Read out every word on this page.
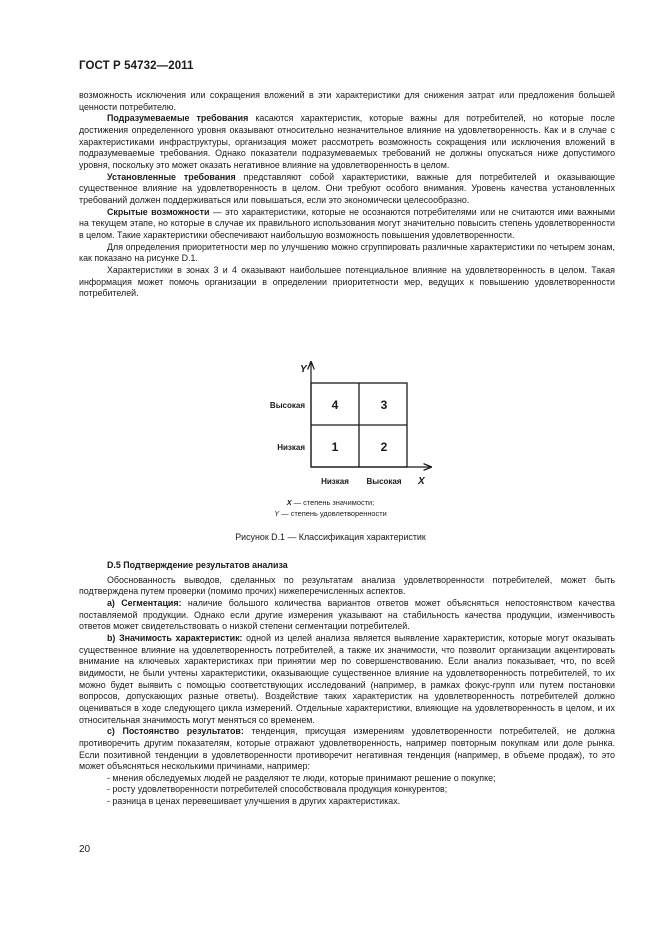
ГОСТ Р 54732—2011

возможность исключения или сокращения вложений в эти характеристики для снижения затрат или предложения большей ценности потребителю.

Подразумеваемые требования касаются характеристик, которые важны для потребителей, но которые после достижения определенного уровня оказывают относительно незначительное влияние на удовлетворенность. Как и в случае с характеристиками инфраструктуры, организация может рассмотреть возможность сокращения или исключения вложений в подразумеваемые требования. Однако показатели подразумеваемых требований не должны опускаться ниже допустимого уровня, поскольку это может оказать негативное влияние на удовлетворенность в целом.

Установленные требования представляют собой характеристики, важные для потребителей и оказывающие существенное влияние на удовлетворенность в целом. Они требуют особого внимания. Уровень качества установленных требований должен поддерживаться или повышаться, если это экономически целесообразно.

Скрытые возможности — это характеристики, которые не осознаются потребителями или не считаются ими важными на текущем этапе, но которые в случае их правильного использования могут значительно повысить степень удовлетворенности в целом. Такие характеристики обеспечивают наибольшую возможность повышения удовлетворенности.

Для определения приоритетности мер по улучшению можно сгруппировать различные характеристики по четырем зонам, как показано на рисунке D.1.

Характеристики в зонах 3 и 4 оказывают наибольшее потенциальное влияние на удовлетворенность в целом. Такая информация может помочь организации в определении приоритетности мер, ведущих к повышению удовлетворенности потребителей.

Y
X
Высокая
Низкая
Низкая Высокая
4	3
1	2
X — степень значимости;
Y — степень удовлетворенности
Рисунок D.1 — Классификация характеристик

D.5 Подтверждение результатов анализа

Обоснованность выводов, сделанных по результатам анализа удовлетворенности потребителей, может быть подтверждена путем проверки (помимо прочих) нижеперечисленных аспектов.

а) Сегментация: наличие большого количества вариантов ответов может объясняться непостоянством качества поставляемой продукции. Однако если другие измерения указывают на стабильность качества продукции, изменчивость ответов может свидетельствовать о низкой степени сегментации потребителей.

b) Значимость характеристик: одной из целей анализа является выявление характеристик, которые могут оказывать существенное влияние на удовлетворенность потребителей, а также их значимости, что позволит организации акцентировать внимание на ключевых характеристиках при принятии мер по совершенствованию. Если анализ показывает, что, по всей видимости, не были учтены характеристики, оказывающие существенное влияние на удовлетворенность потребителей, то их можно будет выявить с помощью соответствующих исследований (например, в рамках фокус-групп или путем постановки вопросов, допускающих разные ответы). Воздействие таких характеристик на удовлетворенность потребителей должно оцениваться в ходе следующего цикла измерений. Отдельные характеристики, влияющие на удовлетворенность в целом, и их относительная значимость могут меняться со временем.

с) Постоянство результатов: тенденция, присущая измерениям удовлетворенности потребителей, не должна противоречить другим показателям, которые отражают удовлетворенность, например повторным покупкам или доле рынка. Если позитивной тенденции в удовлетворенности противоречит негативная тенденция (например, в объеме продаж), то это может объясняться несколькими причинами, например:

- мнения обследуемых людей не разделяют те люди, которые принимают решение о покупке;

- росту удовлетворенности потребителей способствовала продукция конкурентов;

- разница в ценах перевешивает улучшения в других характеристиках.

20
